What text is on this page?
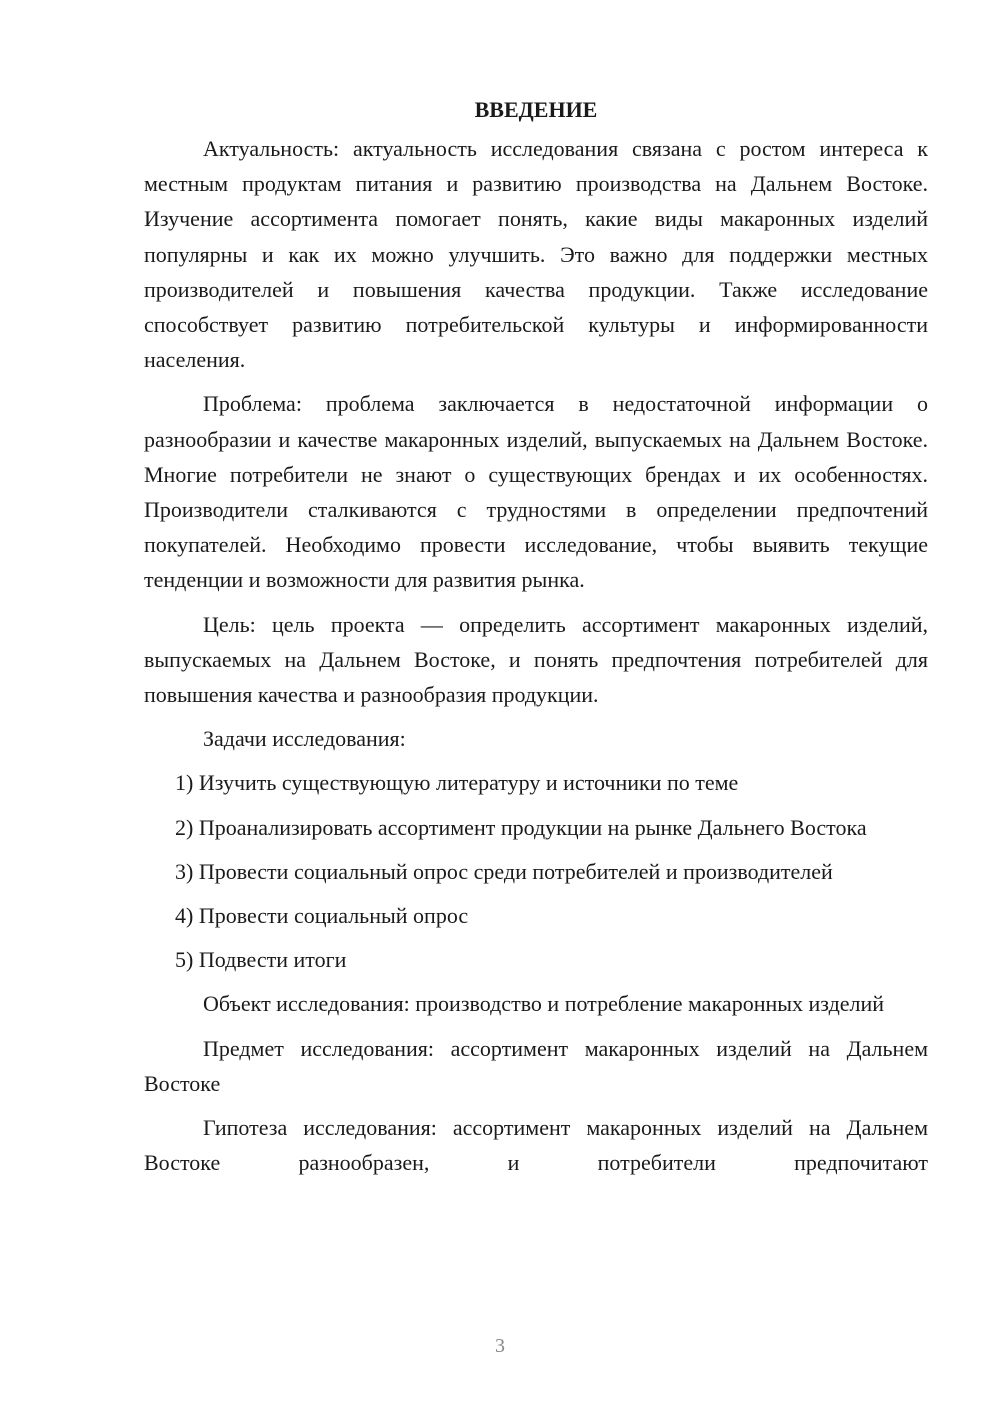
ВВЕДЕНИЕ

Актуальность: актуальность исследования связана с ростом интереса к местным продуктам питания и развитию производства на Дальнем Востоке. Изучение ассортимента помогает понять, какие виды макаронных изделий популярны и как их можно улучшить. Это важно для поддержки местных производителей и повышения качества продукции. Также исследование способствует развитию потребительской культуры и информированности населения.

Проблема: проблема заключается в недостаточной информации о разнообразии и качестве макаронных изделий, выпускаемых на Дальнем Востоке. Многие потребители не знают о существующих брендах и их особенностях. Производители сталкиваются с трудностями в определении предпочтений покупателей. Необходимо провести исследование, чтобы выявить текущие тенденции и возможности для развития рынка.

Цель: цель проекта — определить ассортимент макаронных изделий, выпускаемых на Дальнем Востоке, и понять предпочтения потребителей для повышения качества и разнообразия продукции.

Задачи исследования:

1) Изучить существующую литературу и источники по теме

2) Проанализировать ассортимент продукции на рынке Дальнего Востока

3) Провести социальный опрос среди потребителей и производителей

4) Провести социальный опрос

5) Подвести итоги

Объект исследования: производство и потребление макаронных изделий

Предмет исследования: ассортимент макаронных изделий на Дальнем Востоке

Гипотеза исследования: ассортимент макаронных изделий на Дальнем Востоке разнообразен, и потребители предпочитают

3
